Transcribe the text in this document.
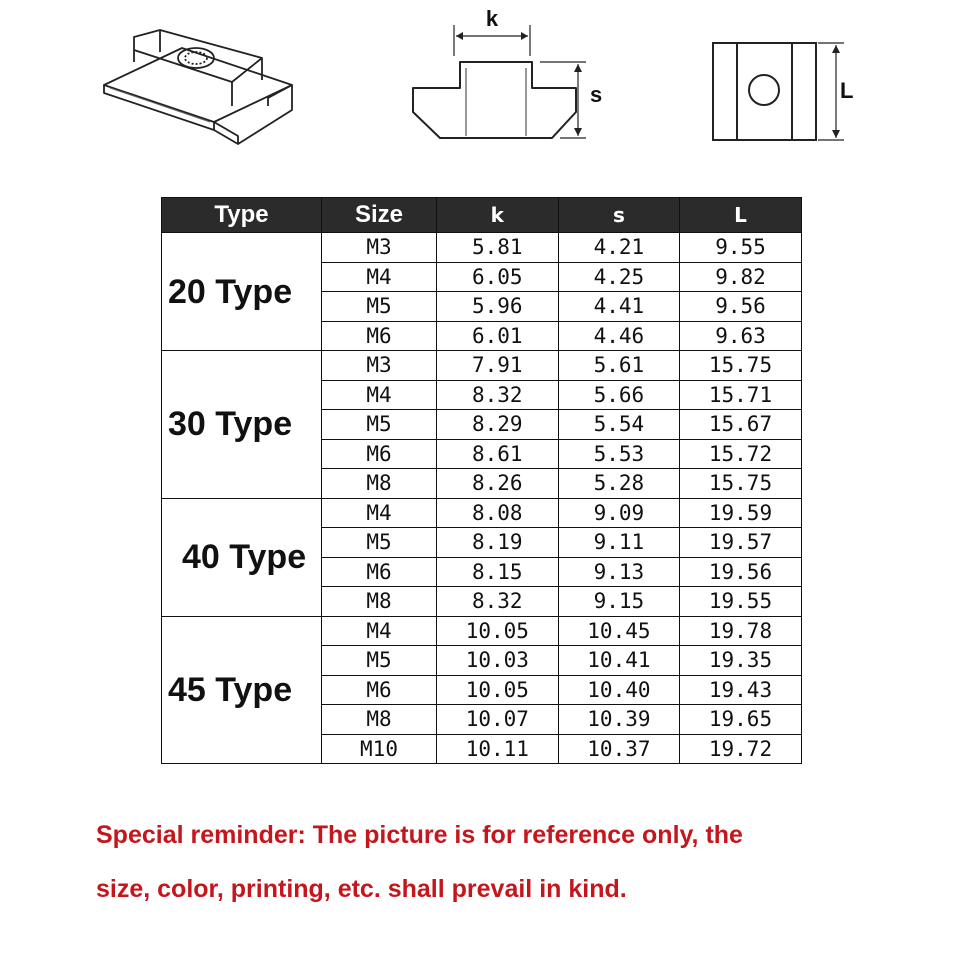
k
s	L
Type	Size	k	s	L
20 Type	M3	5.81	4.21	9.55
	M4	6.05	4.25	9.82
	M5	5.96	4.41	9.56
	M6	6.01	4.46	9.63
30 Type	M3	7.91	5.61	15.75
	M4	8.32	5.66	15.71
	M5	8.29	5.54	15.67
	M6	8.61	5.53	15.72
	M8	8.26	5.28	15.75
40 Type	M4	8.08	9.09	19.59
	M5	8.19	9.11	19.57
	M6	8.15	9.13	19.56
	M8	8.32	9.15	19.55
45 Type	M4	10.05	10.45	19.78
	M5	10.03	10.41	19.35
	M6	10.05	10.40	19.43
	M8	10.07	10.39	19.65
	M10	10.11	10.37	19.72
Special reminder: The picture is for reference only, the
size, color, printing, etc. shall prevail in kind.
